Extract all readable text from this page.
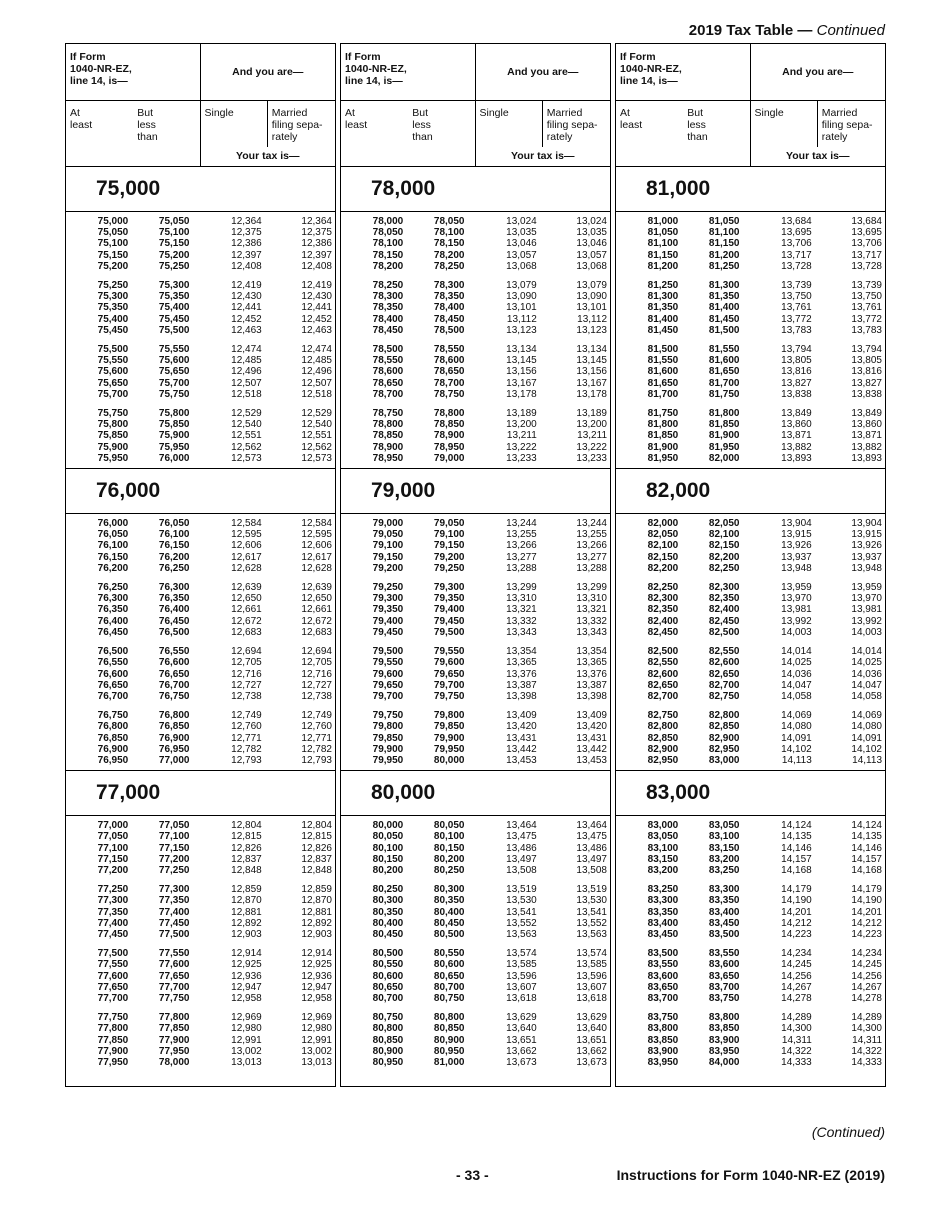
2019 Tax Table — Continued
If Form
1040-NR-EZ,
line 14, is—
And you are—
At
least
But
less
than
Single	Married
filing sepa-
rately
Your tax is—
75,000
75,000	75,050	12,364	12,364
75,050	75,100	12,375	12,375
75,100	75,150	12,386	12,386
75,150	75,200	12,397	12,397
75,200	75,250	12,408	12,408
75,250	75,300	12,419	12,419
75,300	75,350	12,430	12,430
75,350	75,400	12,441	12,441
75,400	75,450	12,452	12,452
75,450	75,500	12,463	12,463
75,500	75,550	12,474	12,474
75,550	75,600	12,485	12,485
75,600	75,650	12,496	12,496
75,650	75,700	12,507	12,507
75,700	75,750	12,518	12,518
75,750	75,800	12,529	12,529
75,800	75,850	12,540	12,540
75,850	75,900	12,551	12,551
75,900	75,950	12,562	12,562
75,950	76,000	12,573	12,573
76,000
76,000	76,050	12,584	12,584
76,050	76,100	12,595	12,595
76,100	76,150	12,606	12,606
76,150	76,200	12,617	12,617
76,200	76,250	12,628	12,628
76,250	76,300	12,639	12,639
76,300	76,350	12,650	12,650
76,350	76,400	12,661	12,661
76,400	76,450	12,672	12,672
76,450	76,500	12,683	12,683
76,500	76,550	12,694	12,694
76,550	76,600	12,705	12,705
76,600	76,650	12,716	12,716
76,650	76,700	12,727	12,727
76,700	76,750	12,738	12,738
76,750	76,800	12,749	12,749
76,800	76,850	12,760	12,760
76,850	76,900	12,771	12,771
76,900	76,950	12,782	12,782
76,950	77,000	12,793	12,793
77,000
77,000	77,050	12,804	12,804
77,050	77,100	12,815	12,815
77,100	77,150	12,826	12,826
77,150	77,200	12,837	12,837
77,200	77,250	12,848	12,848
77,250	77,300	12,859	12,859
77,300	77,350	12,870	12,870
77,350	77,400	12,881	12,881
77,400	77,450	12,892	12,892
77,450	77,500	12,903	12,903
77,500	77,550	12,914	12,914
77,550	77,600	12,925	12,925
77,600	77,650	12,936	12,936
77,650	77,700	12,947	12,947
77,700	77,750	12,958	12,958
77,750	77,800	12,969	12,969
77,800	77,850	12,980	12,980
77,850	77,900	12,991	12,991
77,900	77,950	13,002	13,002
77,950	78,000	13,013	13,013
If Form
1040-NR-EZ,
line 14, is—
And you are—
At
least
But
less
than
Single	Married
filing sepa-
rately
Your tax is—
78,000
78,000	78,050	13,024	13,024
78,050	78,100	13,035	13,035
78,100	78,150	13,046	13,046
78,150	78,200	13,057	13,057
78,200	78,250	13,068	13,068
78,250	78,300	13,079	13,079
78,300	78,350	13,090	13,090
78,350	78,400	13,101	13,101
78,400	78,450	13,112	13,112
78,450	78,500	13,123	13,123
78,500	78,550	13,134	13,134
78,550	78,600	13,145	13,145
78,600	78,650	13,156	13,156
78,650	78,700	13,167	13,167
78,700	78,750	13,178	13,178
78,750	78,800	13,189	13,189
78,800	78,850	13,200	13,200
78,850	78,900	13,211	13,211
78,900	78,950	13,222	13,222
78,950	79,000	13,233	13,233
79,000
79,000	79,050	13,244	13,244
79,050	79,100	13,255	13,255
79,100	79,150	13,266	13,266
79,150	79,200	13,277	13,277
79,200	79,250	13,288	13,288
79,250	79,300	13,299	13,299
79,300	79,350	13,310	13,310
79,350	79,400	13,321	13,321
79,400	79,450	13,332	13,332
79,450	79,500	13,343	13,343
79,500	79,550	13,354	13,354
79,550	79,600	13,365	13,365
79,600	79,650	13,376	13,376
79,650	79,700	13,387	13,387
79,700	79,750	13,398	13,398
79,750	79,800	13,409	13,409
79,800	79,850	13,420	13,420
79,850	79,900	13,431	13,431
79,900	79,950	13,442	13,442
79,950	80,000	13,453	13,453
80,000
80,000	80,050	13,464	13,464
80,050	80,100	13,475	13,475
80,100	80,150	13,486	13,486
80,150	80,200	13,497	13,497
80,200	80,250	13,508	13,508
80,250	80,300	13,519	13,519
80,300	80,350	13,530	13,530
80,350	80,400	13,541	13,541
80,400	80,450	13,552	13,552
80,450	80,500	13,563	13,563
80,500	80,550	13,574	13,574
80,550	80,600	13,585	13,585
80,600	80,650	13,596	13,596
80,650	80,700	13,607	13,607
80,700	80,750	13,618	13,618
80,750	80,800	13,629	13,629
80,800	80,850	13,640	13,640
80,850	80,900	13,651	13,651
80,900	80,950	13,662	13,662
80,950	81,000	13,673	13,673
If Form
1040-NR-EZ,
line 14, is—
And you are—
At
least
But
less
than
Single	Married
filing sepa-
rately
Your tax is—
81,000
81,000	81,050	13,684	13,684
81,050	81,100	13,695	13,695
81,100	81,150	13,706	13,706
81,150	81,200	13,717	13,717
81,200	81,250	13,728	13,728
81,250	81,300	13,739	13,739
81,300	81,350	13,750	13,750
81,350	81,400	13,761	13,761
81,400	81,450	13,772	13,772
81,450	81,500	13,783	13,783
81,500	81,550	13,794	13,794
81,550	81,600	13,805	13,805
81,600	81,650	13,816	13,816
81,650	81,700	13,827	13,827
81,700	81,750	13,838	13,838
81,750	81,800	13,849	13,849
81,800	81,850	13,860	13,860
81,850	81,900	13,871	13,871
81,900	81,950	13,882	13,882
81,950	82,000	13,893	13,893
82,000
82,000	82,050	13,904	13,904
82,050	82,100	13,915	13,915
82,100	82,150	13,926	13,926
82,150	82,200	13,937	13,937
82,200	82,250	13,948	13,948
82,250	82,300	13,959	13,959
82,300	82,350	13,970	13,970
82,350	82,400	13,981	13,981
82,400	82,450	13,992	13,992
82,450	82,500	14,003	14,003
82,500	82,550	14,014	14,014
82,550	82,600	14,025	14,025
82,600	82,650	14,036	14,036
82,650	82,700	14,047	14,047
82,700	82,750	14,058	14,058
82,750	82,800	14,069	14,069
82,800	82,850	14,080	14,080
82,850	82,900	14,091	14,091
82,900	82,950	14,102	14,102
82,950	83,000	14,113	14,113
83,000
83,000	83,050	14,124	14,124
83,050	83,100	14,135	14,135
83,100	83,150	14,146	14,146
83,150	83,200	14,157	14,157
83,200	83,250	14,168	14,168
83,250	83,300	14,179	14,179
83,300	83,350	14,190	14,190
83,350	83,400	14,201	14,201
83,400	83,450	14,212	14,212
83,450	83,500	14,223	14,223
83,500	83,550	14,234	14,234
83,550	83,600	14,245	14,245
83,600	83,650	14,256	14,256
83,650	83,700	14,267	14,267
83,700	83,750	14,278	14,278
83,750	83,800	14,289	14,289
83,800	83,850	14,300	14,300
83,850	83,900	14,311	14,311
83,900	83,950	14,322	14,322
83,950	84,000	14,333	14,333
(Continued)
- 33 -	Instructions for Form 1040-NR-EZ (2019)
